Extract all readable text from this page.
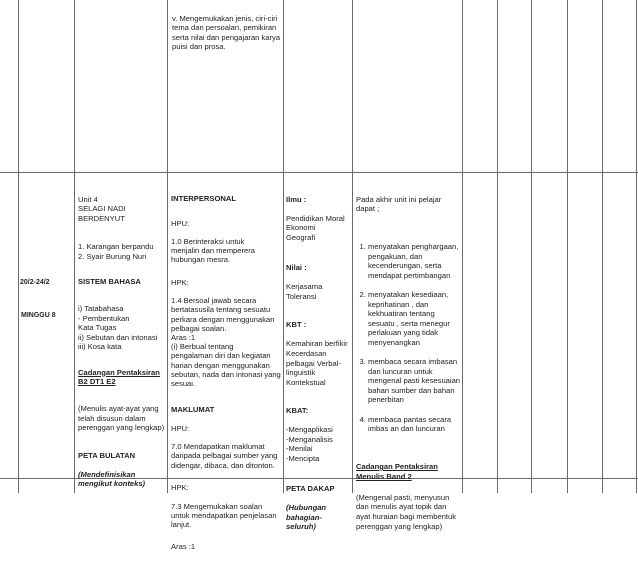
v. Mengemukakan jenis, ciri-ciri
tema dan persoalan, pemikiran
serta nilai dan pengajaran karya
puisi dan prosa.

20/2-24/2

MINGGU 8

Unit 4
SELAGI NADI
BERDENYUT

1. Karangan berpandu
2. Syair Burung Nuri

SISTEM BAHASA

i) Tatabahasa
- Pembentukan
Kata Tugas
ii) Sebutan dan intonasi
iii) Kosa kata

Cadangan Pentaksiran
B2 DT1 E2

(Menulis ayat-ayat yang
telah disusun dalam
perenggan yang lengkap)

PETA BULATAN

(Mendefinisikan
mengikut konteks)

INTERPERSONAL

HPU:

1.0 Berinteraksi untuk
menjalin dan memperera
hubungan mesra.

HPK:

1.4 Bersoal jawab secara
bertatasusila tentang sesuatu
perkara dengan menggunakan
pelbagai soalan.
Aras :1
(i) Berbual tentang
pengalaman diri dan kegiatan
harian dengan menggunakan
sebutan, nada dan intonasi yang
sesuai.

MAKLUMAT

HPU:

7.0 Mendapatkan maklumat
daripada pelbagai sumber yang
didengar, dibaca, dan ditonton.

HPK:

7.3 Mengemukakan soalan
untuk mendapatkan penjelasan
lanjut.

Aras :1

Ilmu :

Pendidikan Moral
Ekonomi
Geografi

Nilai :

Kerjasama
Toleransi

KBT :

Kemahiran berfikir
Kecerdasan
pelbagai Verbal-
linguistik
Kontekstual

KBAT:

-Mengaplikasi
-Menganalisis
-Menilai
-Mencipta

PETA DAKAP

(Hubungan
bahagian-
seluruh)

Pada akhir unit ini pelajar
dapat ;

1. menyatakan penghargaan,
pengakuan, dan
kecenderungan, serta
mendapat pertimbangan

2. menyatakan kesediaan,
keprihatinan , dan
kekhuatiran tentang
sesuatu , serta menegur
perlakuan yang tidak
menyenangkan

3. membaca secara imbasan
dan luncuran untuk
mengenal pasti kesesuaian
bahan sumber dan bahan
penerbitan

4. membaca pantas secara
imbas an dan luncuran

Cadangan Pentaksiran
Menulis Band 2

(Mengenal pasti, menyusun
dan menulis ayat topik dan
ayat huraian bagi membentuk
perenggan yang lengkap)
